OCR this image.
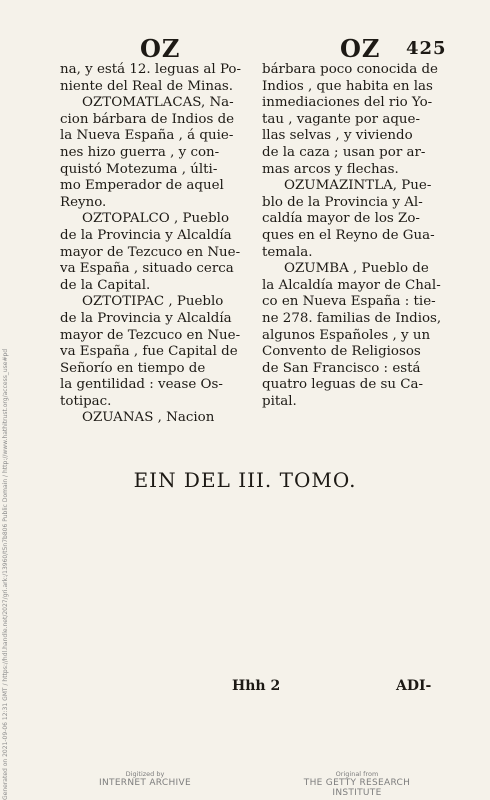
OZ	OZ 425
na, y está 12. leguas al Po-
niente del Real de Minas.
OZTOMATLACAS, Na-
cion bárbara de Indios de
la Nueva España , á quie-
nes hizo guerra , y con-
quistó Motezuma , últi-
mo Emperador de aquel
Reyno.
OZTOPALCO , Pueblo
de la Provincia y Alcaldía
mayor de Tezcuco en Nue-
va España , situado cerca
de la Capital.
OZTOTIPAC , Pueblo
de la Provincia y Alcaldía
mayor de Tezcuco en Nue-
va España , fue Capital de
Señorío en tiempo de
la gentilidad : vease Os-
totipac.
OZUANAS , Nacion
bárbara poco conocida de
Indios , que habita en las
inmediaciones del rio Yo-
tau , vagante por aque-
llas selvas , y viviendo
de la caza ; usan por ar-
mas arcos y flechas.
OZUMAZINTLA, Pue-
blo de la Provincia y Al-
caldía mayor de los Zo-
ques en el Reyno de Gua-
temala.
OZUMBA , Pueblo de
la Alcaldía mayor de Chal-
co en Nueva España : tie-
ne 278. familias de Indios,
algunos Españoles , y un
Convento de Religiosos
de San Francisco : está
quatro leguas de su Ca-
pital.
EIN DEL III. TOMO.
Hhh 2	ADI-
Generated on 2021-09-06 12:31 GMT / https://hdl.handle.net/2027/gri.ark:/13960/t5n7b806 Public Domain / http://www.hathitrust.org/access_use#pd	Digitized by
INTERNET ARCHIVE
Original from
THE GETTY RESEARCH INSTITUTE
